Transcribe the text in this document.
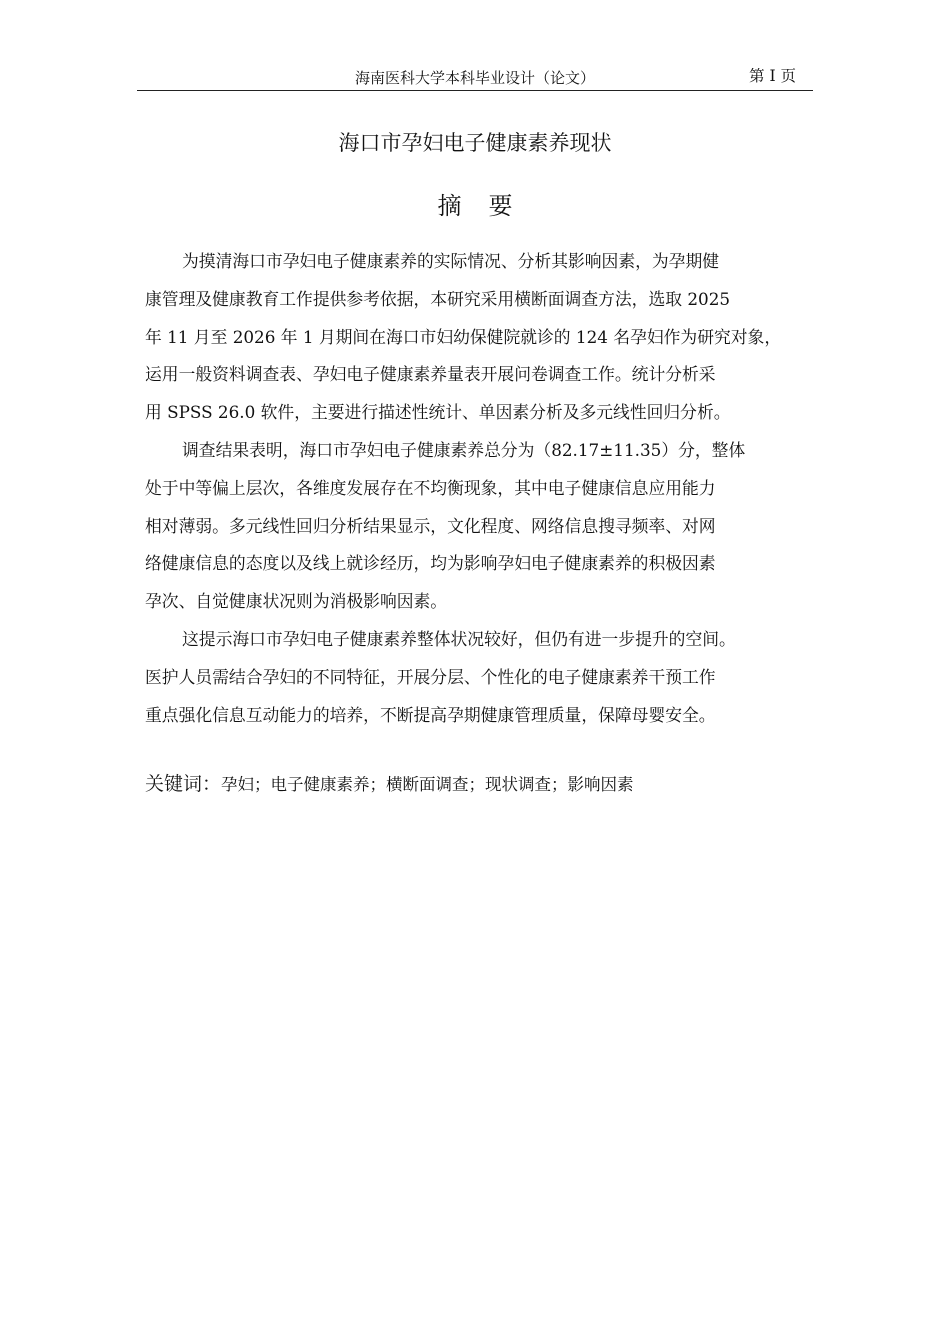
海南医科大学本科毕业设计（论文）	第 I 页
海口市孕妇电子健康素养现状
摘要
为摸清海口市孕妇电子健康素养的实际情况、分析其影响因素，为孕期健
康管理及健康教育工作提供参考依据，本研究采用横断面调查方法，选取 2025
年 11 月至 2026 年 1 月期间在海口市妇幼保健院就诊的 124 名孕妇作为研究对象，
运用一般资料调查表、孕妇电子健康素养量表开展问卷调查工作。统计分析采
用 SPSS 26.0 软件，主要进行描述性统计、单因素分析及多元线性回归分析。
调查结果表明，海口市孕妇电子健康素养总分为（82.17±11.35）分，整体
处于中等偏上层次，各维度发展存在不均衡现象，其中电子健康信息应用能力
相对薄弱。多元线性回归分析结果显示，文化程度、网络信息搜寻频率、对网
络健康信息的态度以及线上就诊经历，均为影响孕妇电子健康素养的积极因素
孕次、自觉健康状况则为消极影响因素。
这提示海口市孕妇电子健康素养整体状况较好，但仍有进一步提升的空间。
医护人员需结合孕妇的不同特征，开展分层、个性化的电子健康素养干预工作
重点强化信息互动能力的培养，不断提高孕期健康管理质量，保障母婴安全。
关键词：孕妇；电子健康素养；横断面调查；现状调查；影响因素
